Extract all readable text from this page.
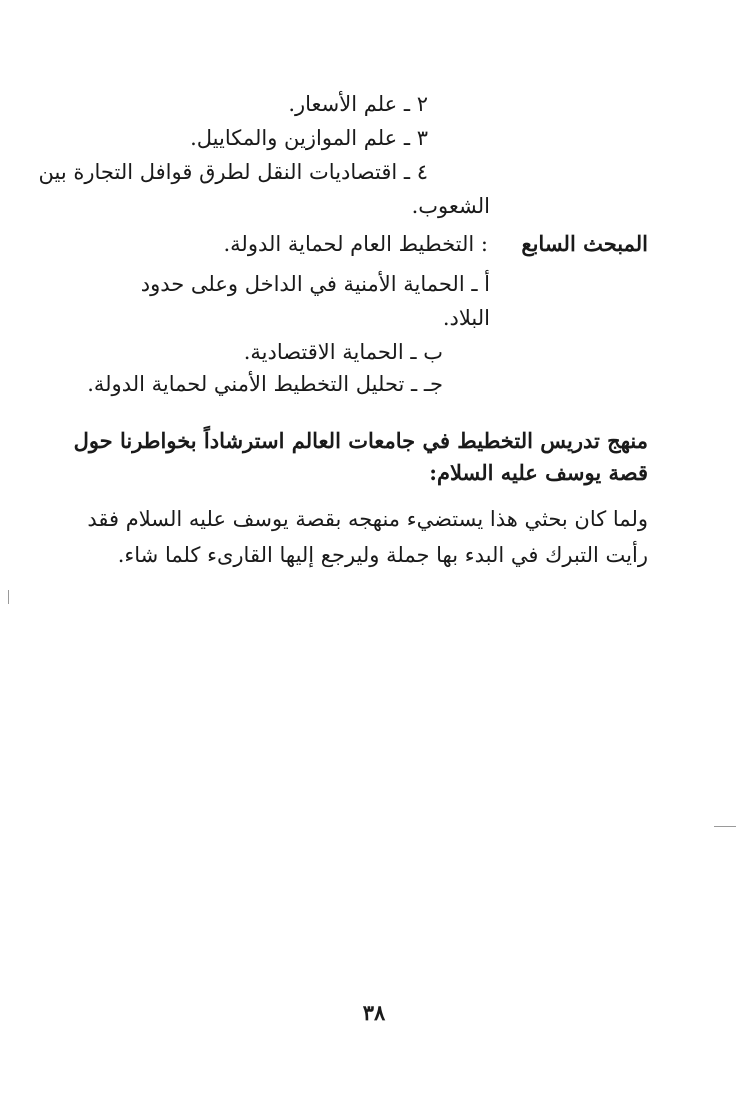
٢ ـ علم الأسعار.
٣ ـ علم الموازين والمكاييل.
٤ ـ اقتصاديات النقل لطرق قوافل التجارة بين
الشعوب.
المبحث السابع
: التخطيط العام لحماية الدولة.
أ ـ الحماية الأمنية في الداخل وعلى حدود
البلاد.
ب ـ الحماية الاقتصادية.
جـ ـ تحليل التخطيط الأمني لحماية الدولة.
منهج تدريس التخطيط في جامعات العالم استرشاداً بخواطرنا حول
قصة يوسف عليه السلام:
ولما كان بحثي هذا يستضيء منهجه بقصة يوسف عليه السلام فقد
رأيت التبرك في البدء بها جملة وليرجع إليها القارىء كلما شاء.
٣٨
